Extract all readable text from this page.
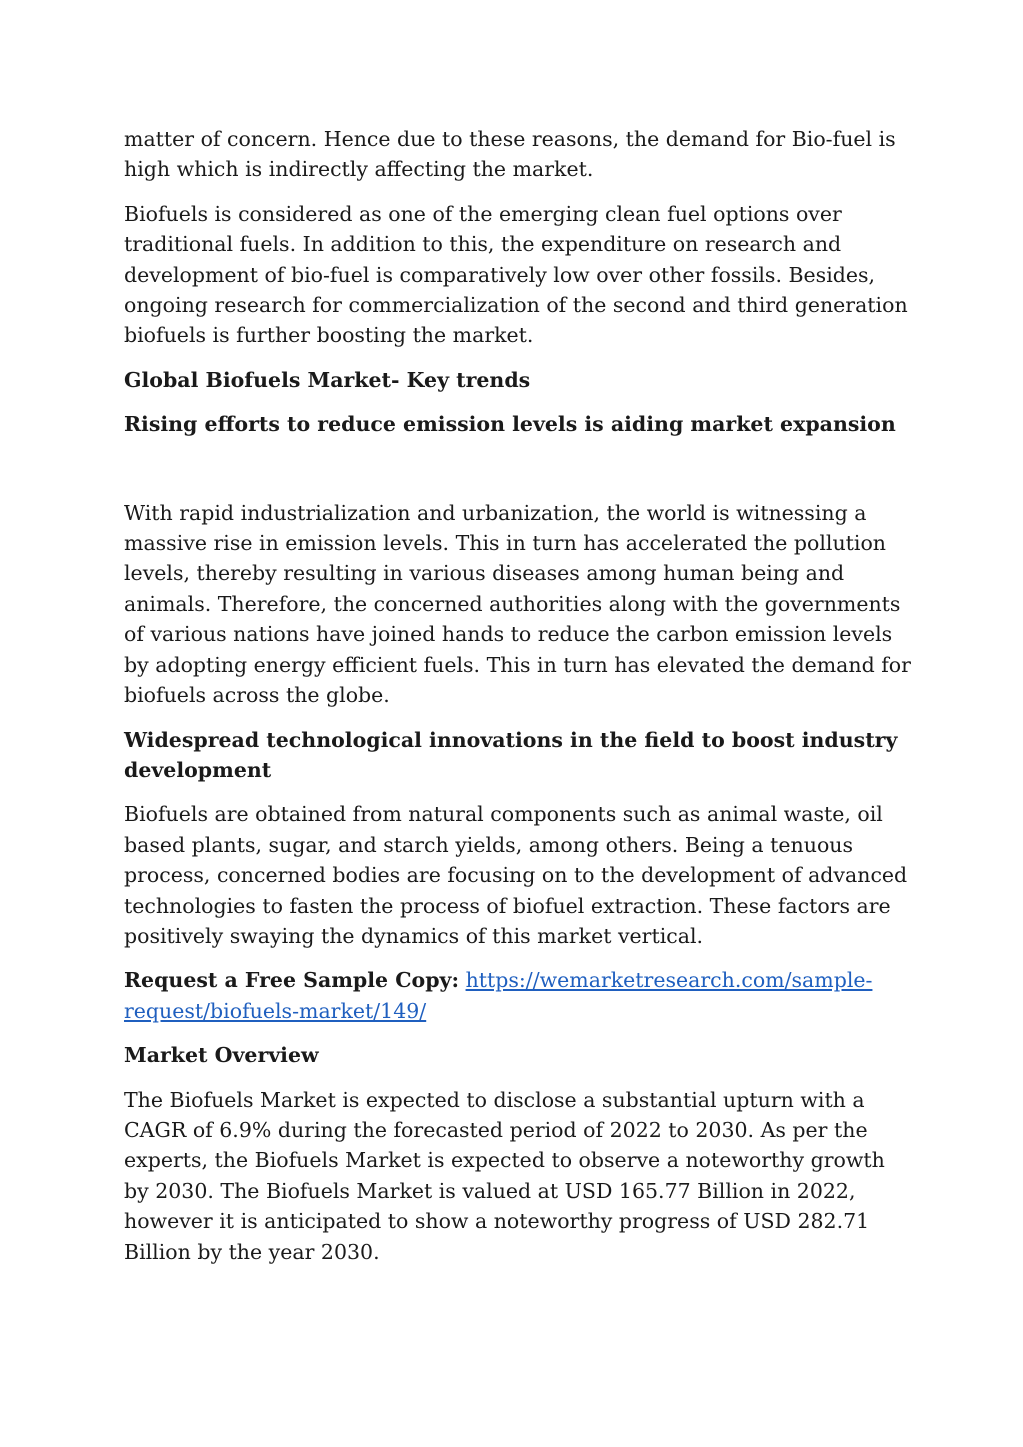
matter of concern. Hence due to these reasons, the demand for Bio-fuel is high which is indirectly affecting the market.

Biofuels is considered as one of the emerging clean fuel options over traditional fuels. In addition to this, the expenditure on research and development of bio-fuel is comparatively low over other fossils. Besides, ongoing research for commercialization of the second and third generation biofuels is further boosting the market.

Global Biofuels Market- Key trends
Rising efforts to reduce emission levels is aiding market expansion

With rapid industrialization and urbanization, the world is witnessing a massive rise in emission levels. This in turn has accelerated the pollution levels, thereby resulting in various diseases among human being and animals. Therefore, the concerned authorities along with the governments of various nations have joined hands to reduce the carbon emission levels by adopting energy efficient fuels. This in turn has elevated the demand for biofuels across the globe.

Widespread technological innovations in the field to boost industry development

Biofuels are obtained from natural components such as animal waste, oil based plants, sugar, and starch yields, among others. Being a tenuous process, concerned bodies are focusing on to the development of advanced technologies to fasten the process of biofuel extraction. These factors are positively swaying the dynamics of this market vertical.

Request a Free Sample Copy: https://wemarketresearch.com/sample-request/biofuels-market/149/

Market Overview

The Biofuels Market is expected to disclose a substantial upturn with a CAGR of 6.9% during the forecasted period of 2022 to 2030. As per the experts, the Biofuels Market is expected to observe a noteworthy growth by 2030. The Biofuels Market is valued at USD 165.77 Billion in 2022, however it is anticipated to show a noteworthy progress of USD 282.71 Billion by the year 2030.
